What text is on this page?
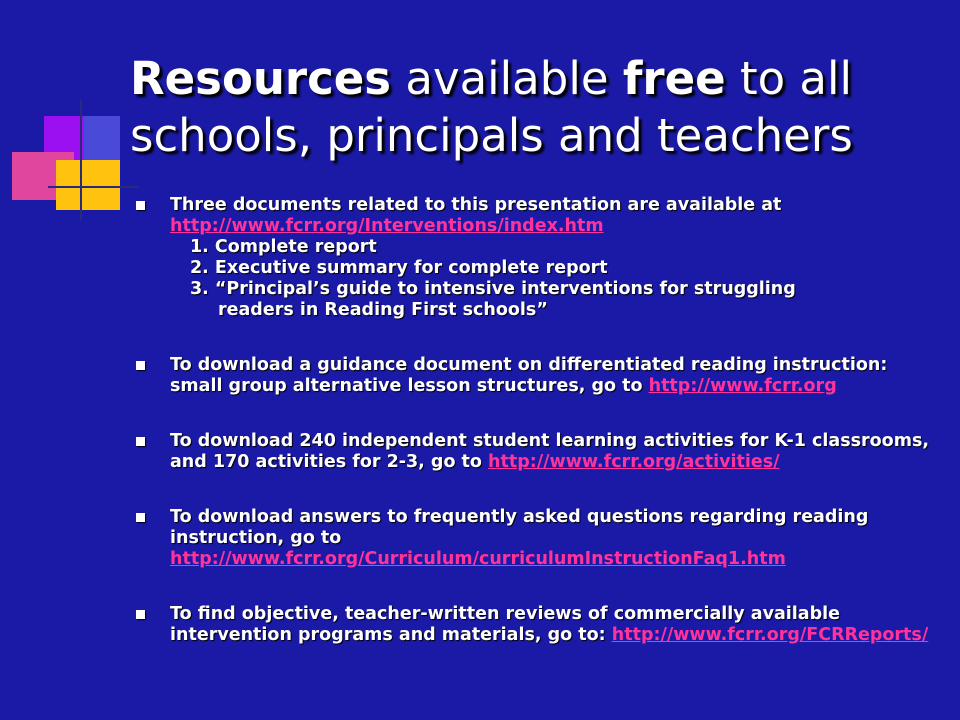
Resources available free to all schools, principals and teachers
Three documents related to this presentation are available at
http://www.fcrr.org/Interventions/index.htm
1. Complete report
2. Executive summary for complete report
3. “Principal’s guide to intensive interventions for struggling
readers in Reading First schools”
To download a guidance document on differentiated reading instruction: small group alternative lesson structures, go to http://www.fcrr.org
To download 240 independent student learning activities for K-1 classrooms, and 170 activities for 2-3, go to http://www.fcrr.org/activities/
To download answers to frequently asked questions regarding reading instruction, go to http://www.fcrr.org/Curriculum/curriculumInstructionFaq1.htm
To find objective, teacher-written reviews of commercially available intervention programs and materials, go to: http://www.fcrr.org/FCRReports/
